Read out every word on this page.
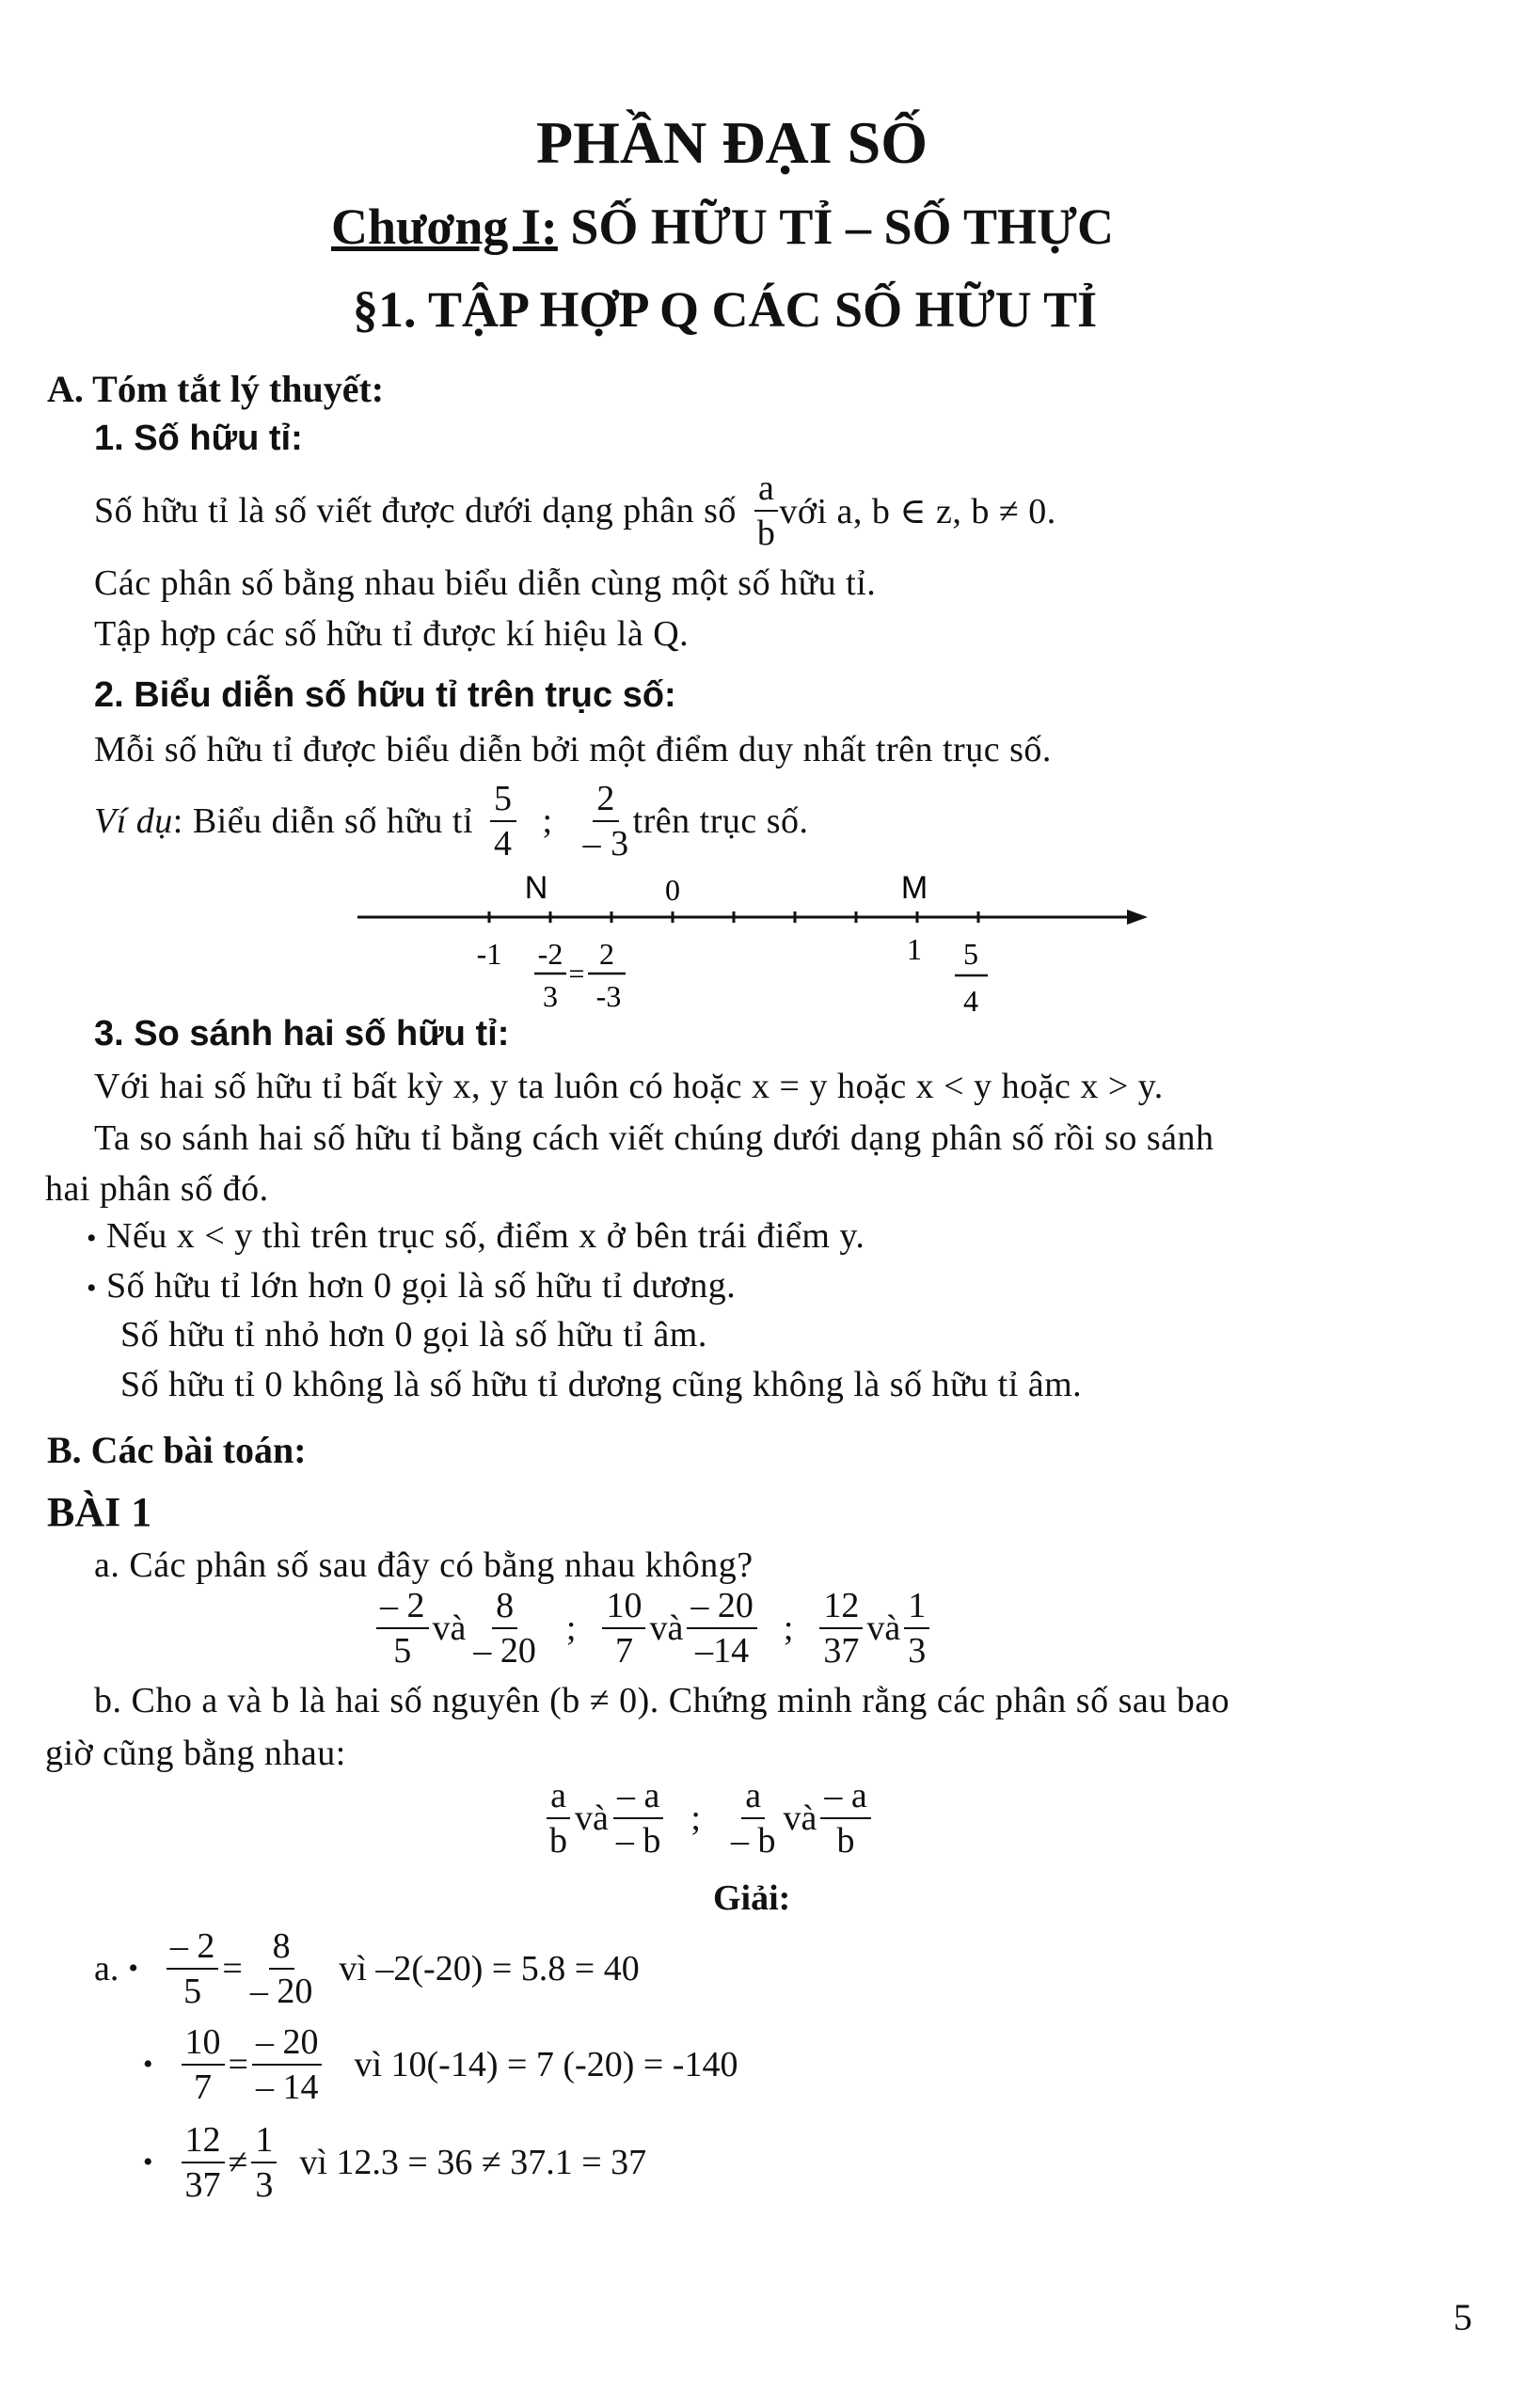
PHẦN ĐẠI SỐ
Chương I: SỐ HỮU TỈ – SỐ THỰC
§1. TẬP HỢP Q CÁC SỐ HỮU TỈ
A. Tóm tắt lý thuyết:
1. Số hữu tỉ:
Số hữu tỉ là số viết được dưới dạng phân số $\frac{a}{b}$ với a, b ∈ z, b ≠ 0.
Các phân số bằng nhau biểu diễn cùng một số hữu tỉ.
Tập hợp các số hữu tỉ được kí hiệu là Q.
2. Biểu diễn số hữu tỉ trên trục số:
Mỗi số hữu tỉ được biểu diễn bởi một điểm duy nhất trên trục số.
Ví dụ : Biểu diễn số hữu tỉ $\frac{5}{4}$ ; $\frac{2}{- 3}$ trên trục số.
N	0	M
-1 -2
3
=
2
-3
1 5
4
3. So sánh hai số hữu tỉ:
Với hai số hữu tỉ bất kỳ x, y ta luôn có hoặc x = y hoặc x < y hoặc x > y.
Ta so sánh hai số hữu tỉ bằng cách viết chúng dưới dạng phân số rồi so sánh
hai phân số đó.
• Nếu x < y thì trên trục số, điểm x ở bên trái điểm y.
• Số hữu tỉ lớn hơn 0 gọi là số hữu tỉ dương.
Số hữu tỉ nhỏ hơn 0 gọi là số hữu tỉ âm.
Số hữu tỉ 0 không là số hữu tỉ dương cũng không là số hữu tỉ âm.
B. Các bài toán:
BÀI 1
a. Các phân số sau đây có bằng nhau không?
$\frac{- 2}{5}$ và $\frac{8}{- 20}$ ; $\frac{10}{7}$ và $\frac{- 20}{-14}$ ; $\frac{12}{37}$ và $\frac{1}{3}$
b. Cho a và b là hai số nguyên (b ≠ 0). Chứng minh rằng các phân số sau bao
giờ cũng bằng nhau:
$\frac{a}{b}$ và $\frac{- a}{- b}$ ; $\frac{a}{- b}$ và $\frac{- a}{b}$
Giải:
a. • $\frac{- 2}{5} = \frac{8}{- 20}$ vì –2(-20) = 5.8 = 40
• $\frac{10}{7} = \frac{- 20}{- 14}$ vì 10(-14) = 7 (-20) = -140
• $\frac{12}{37} \ne \frac{1}{3}$ vì 12.3 = 36 ≠ 37.1 = 37
5
